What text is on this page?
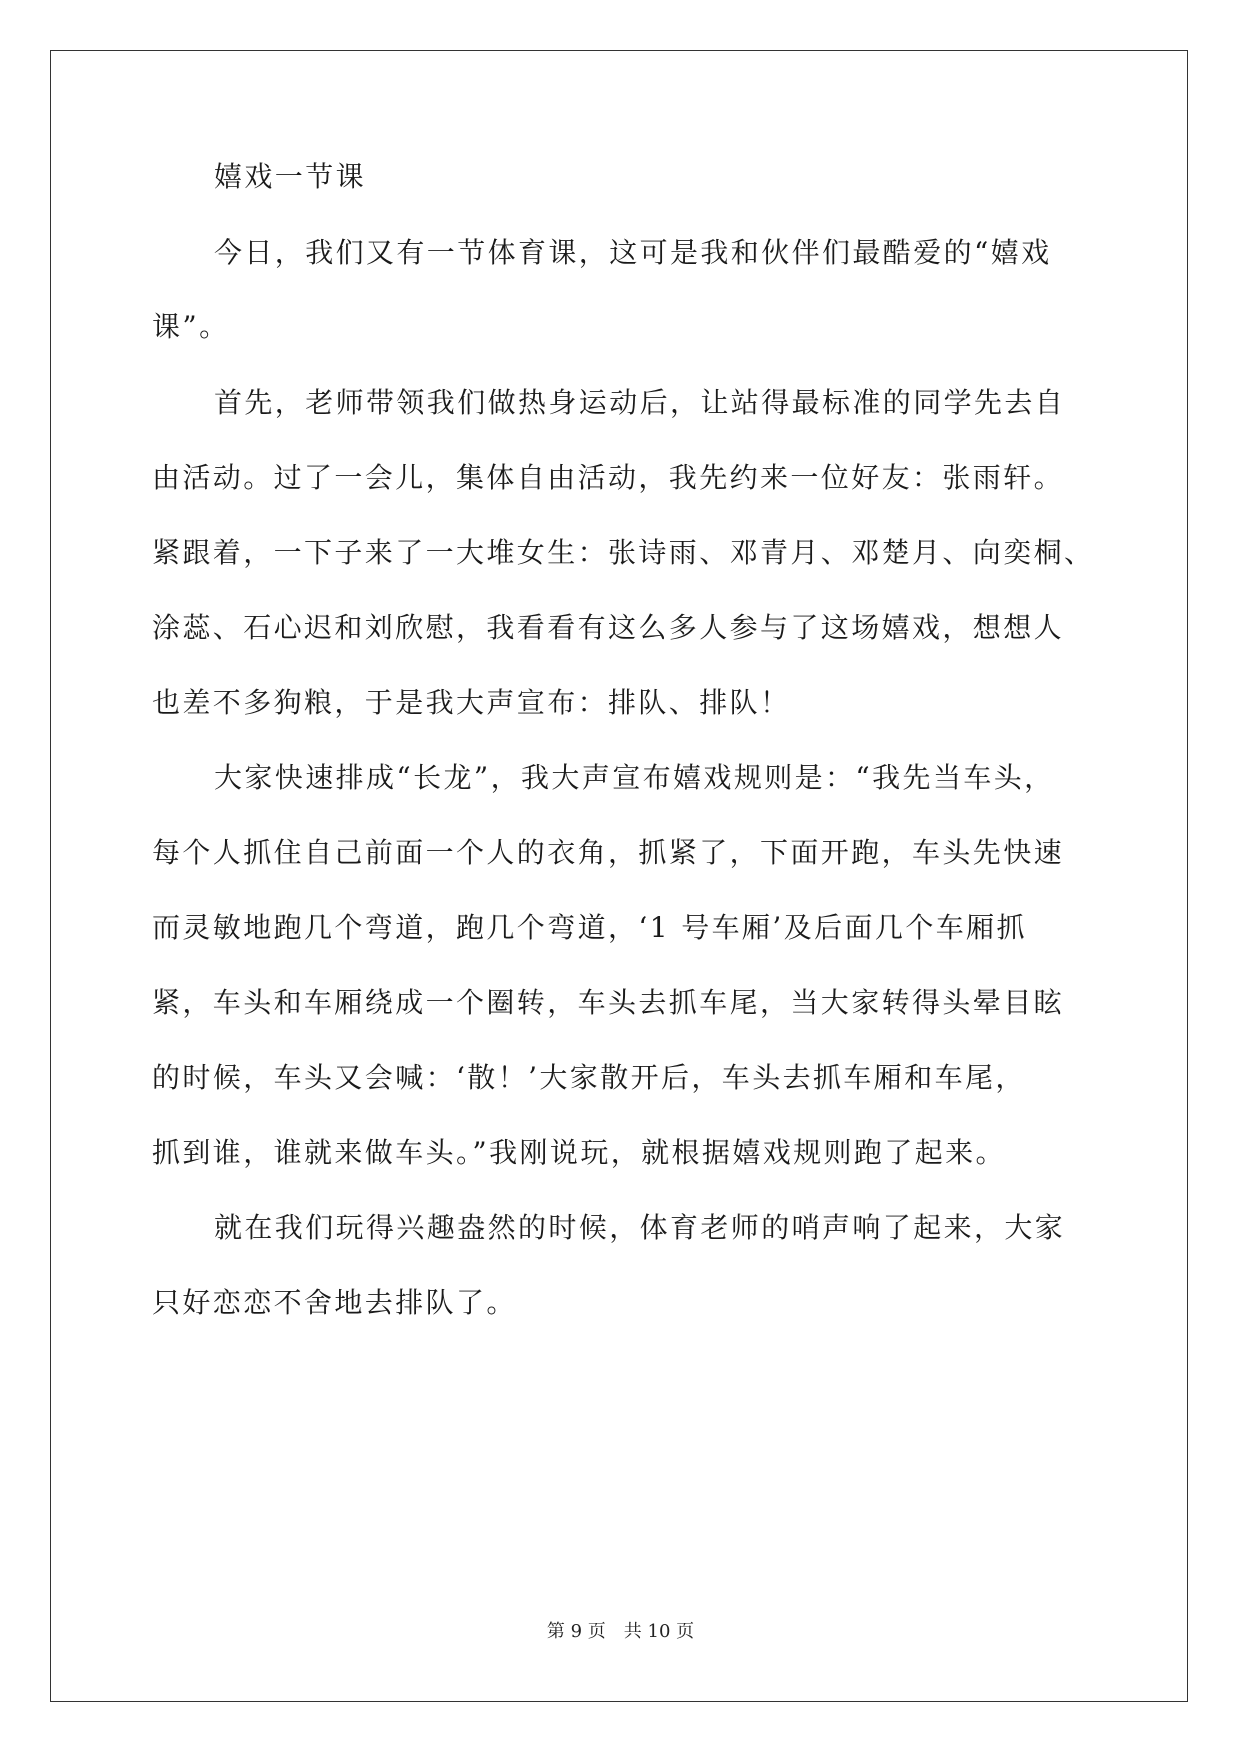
嬉戏一节课
今日，我们又有一节体育课，这可是我和伙伴们最酷爱的“嬉戏
课”。
首先，老师带领我们做热身运动后，让站得最标准的同学先去自
由活动。过了一会儿，集体自由活动，我先约来一位好友：张雨轩。
紧跟着，一下子来了一大堆女生：张诗雨、邓青月、邓楚月、向奕桐、
涂蕊、石心迟和刘欣慰，我看看有这么多人参与了这场嬉戏，想想人
也差不多狗粮，于是我大声宣布：排队、排队！
大家快速排成“长龙”，我大声宣布嬉戏规则是：“我先当车头，
每个人抓住自己前面一个人的衣角，抓紧了，下面开跑，车头先快速
而灵敏地跑几个弯道，跑几个弯道，‘1 号车厢’及后面几个车厢抓
紧，车头和车厢绕成一个圈转，车头去抓车尾，当大家转得头晕目眩
的时候，车头又会喊：‘散！’大家散开后，车头去抓车厢和车尾，
抓到谁，谁就来做车头。”我刚说玩，就根据嬉戏规则跑了起来。
就在我们玩得兴趣盎然的时候，体育老师的哨声响了起来，大家
只好恋恋不舍地去排队了。
第 9 页 共 10 页
